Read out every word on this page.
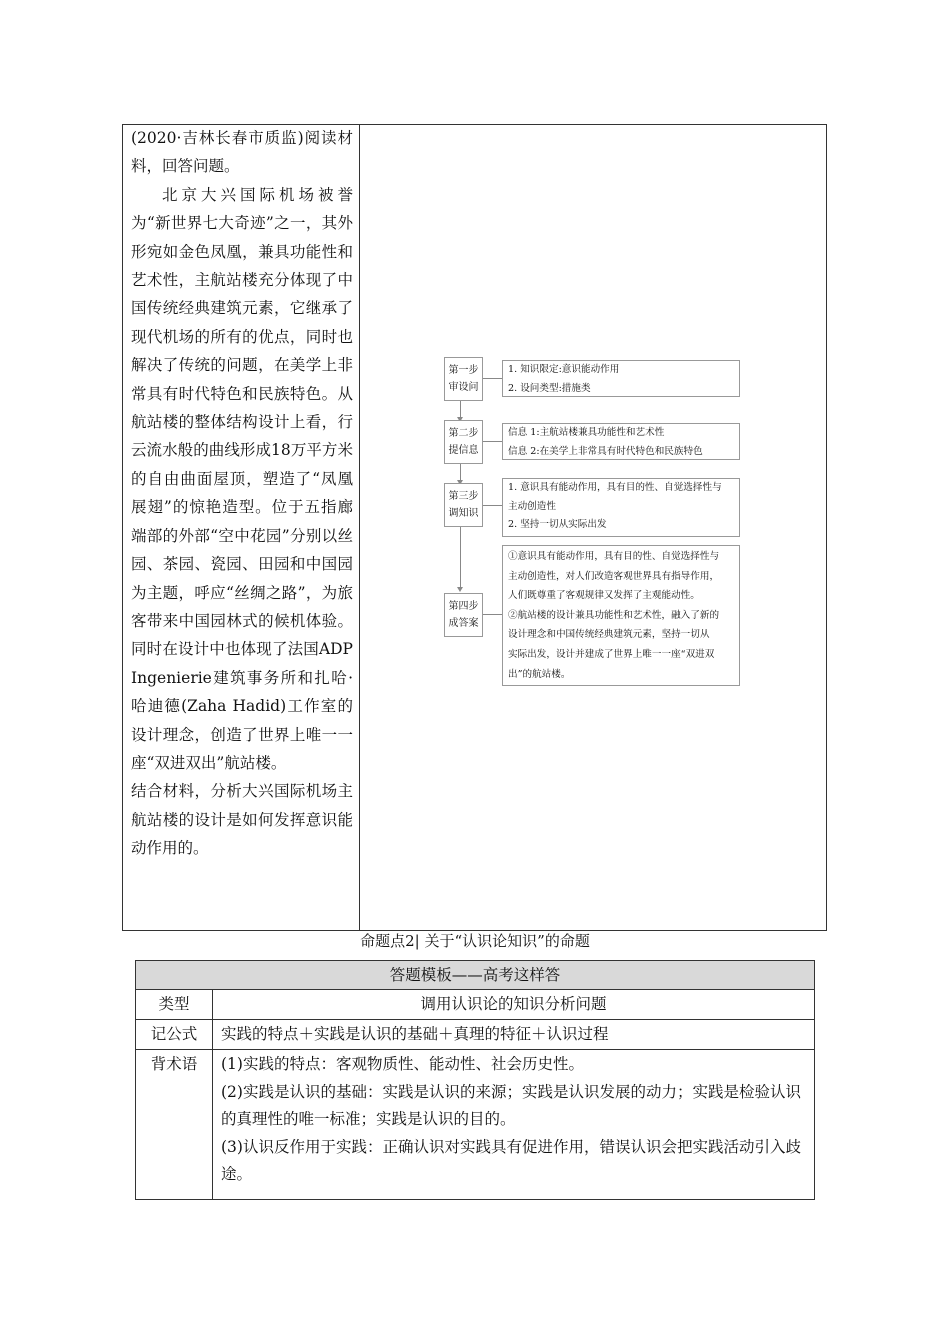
(2020·吉林长春市质监)阅读材料，回答问题。

北京大兴国际机场被誉为“新世界七大奇迹”之一，其外形宛如金色凤凰，兼具功能性和艺术性，主航站楼充分体现了中国传统经典建筑元素，它继承了现代机场的所有的优点，同时也解决了传统的问题，在美学上非常具有时代特色和民族特色。从航站楼的整体结构设计上看，行云流水般的曲线形成18万平方米的自由曲面屋顶，塑造了“凤凰展翅”的惊艳造型。位于五指廊端部的外部“空中花园”分别以丝园、茶园、瓷园、田园和中国园为主题，呼应“丝绸之路”，为旅客带来中国园林式的候机体验。同时在设计中也体现了法国ADP Ingenierie建筑事务所和扎哈·哈迪德(Zaha Hadid)工作室的设计理念，创造了世界上唯一一座“双进双出”航站楼。

结合材料，分析大兴国际机场主航站楼的设计是如何发挥意识能动作用的。

第一步
审设问
1. 知识限定:意识能动作用
2. 设问类型:措施类
第二步
提信息
信息 1:主航站楼兼具功能性和艺术性
信息 2:在美学上非常具有时代特色和民族特色
第三步
调知识
1. 意识具有能动作用，具有目的性、自觉选择性与
主动创造性
2. 坚持一切从实际出发
第四步
成答案
①意识具有能动作用，具有目的性、自觉选择性与
主动创造性，对人们改造客观世界具有指导作用，
人们既尊重了客观规律又发挥了主观能动性。
②航站楼的设计兼具功能性和艺术性，融入了新的
设计理念和中国传统经典建筑元素，坚持一切从
实际出发，设计并建成了世界上唯一一座“双进双
出”的航站楼。
命题点2| 关于“认识论知识”的命题
答题模板——高考这样答	
类型	调用认识论的知识分析问题
记公式	实践的特点＋实践是认识的基础＋真理的特征＋认识过程
背术语	(1)实践的特点：客观物质性、能动性、社会历史性。

(2)实践是认识的基础：实践是认识的来源；实践是认识发展的动力；实践是检验认识的真理性的唯一标准；实践是认识的目的。

(3)认识反作用于实践：正确认识对实践具有促进作用，错误认识会把实践活动引入歧途。
